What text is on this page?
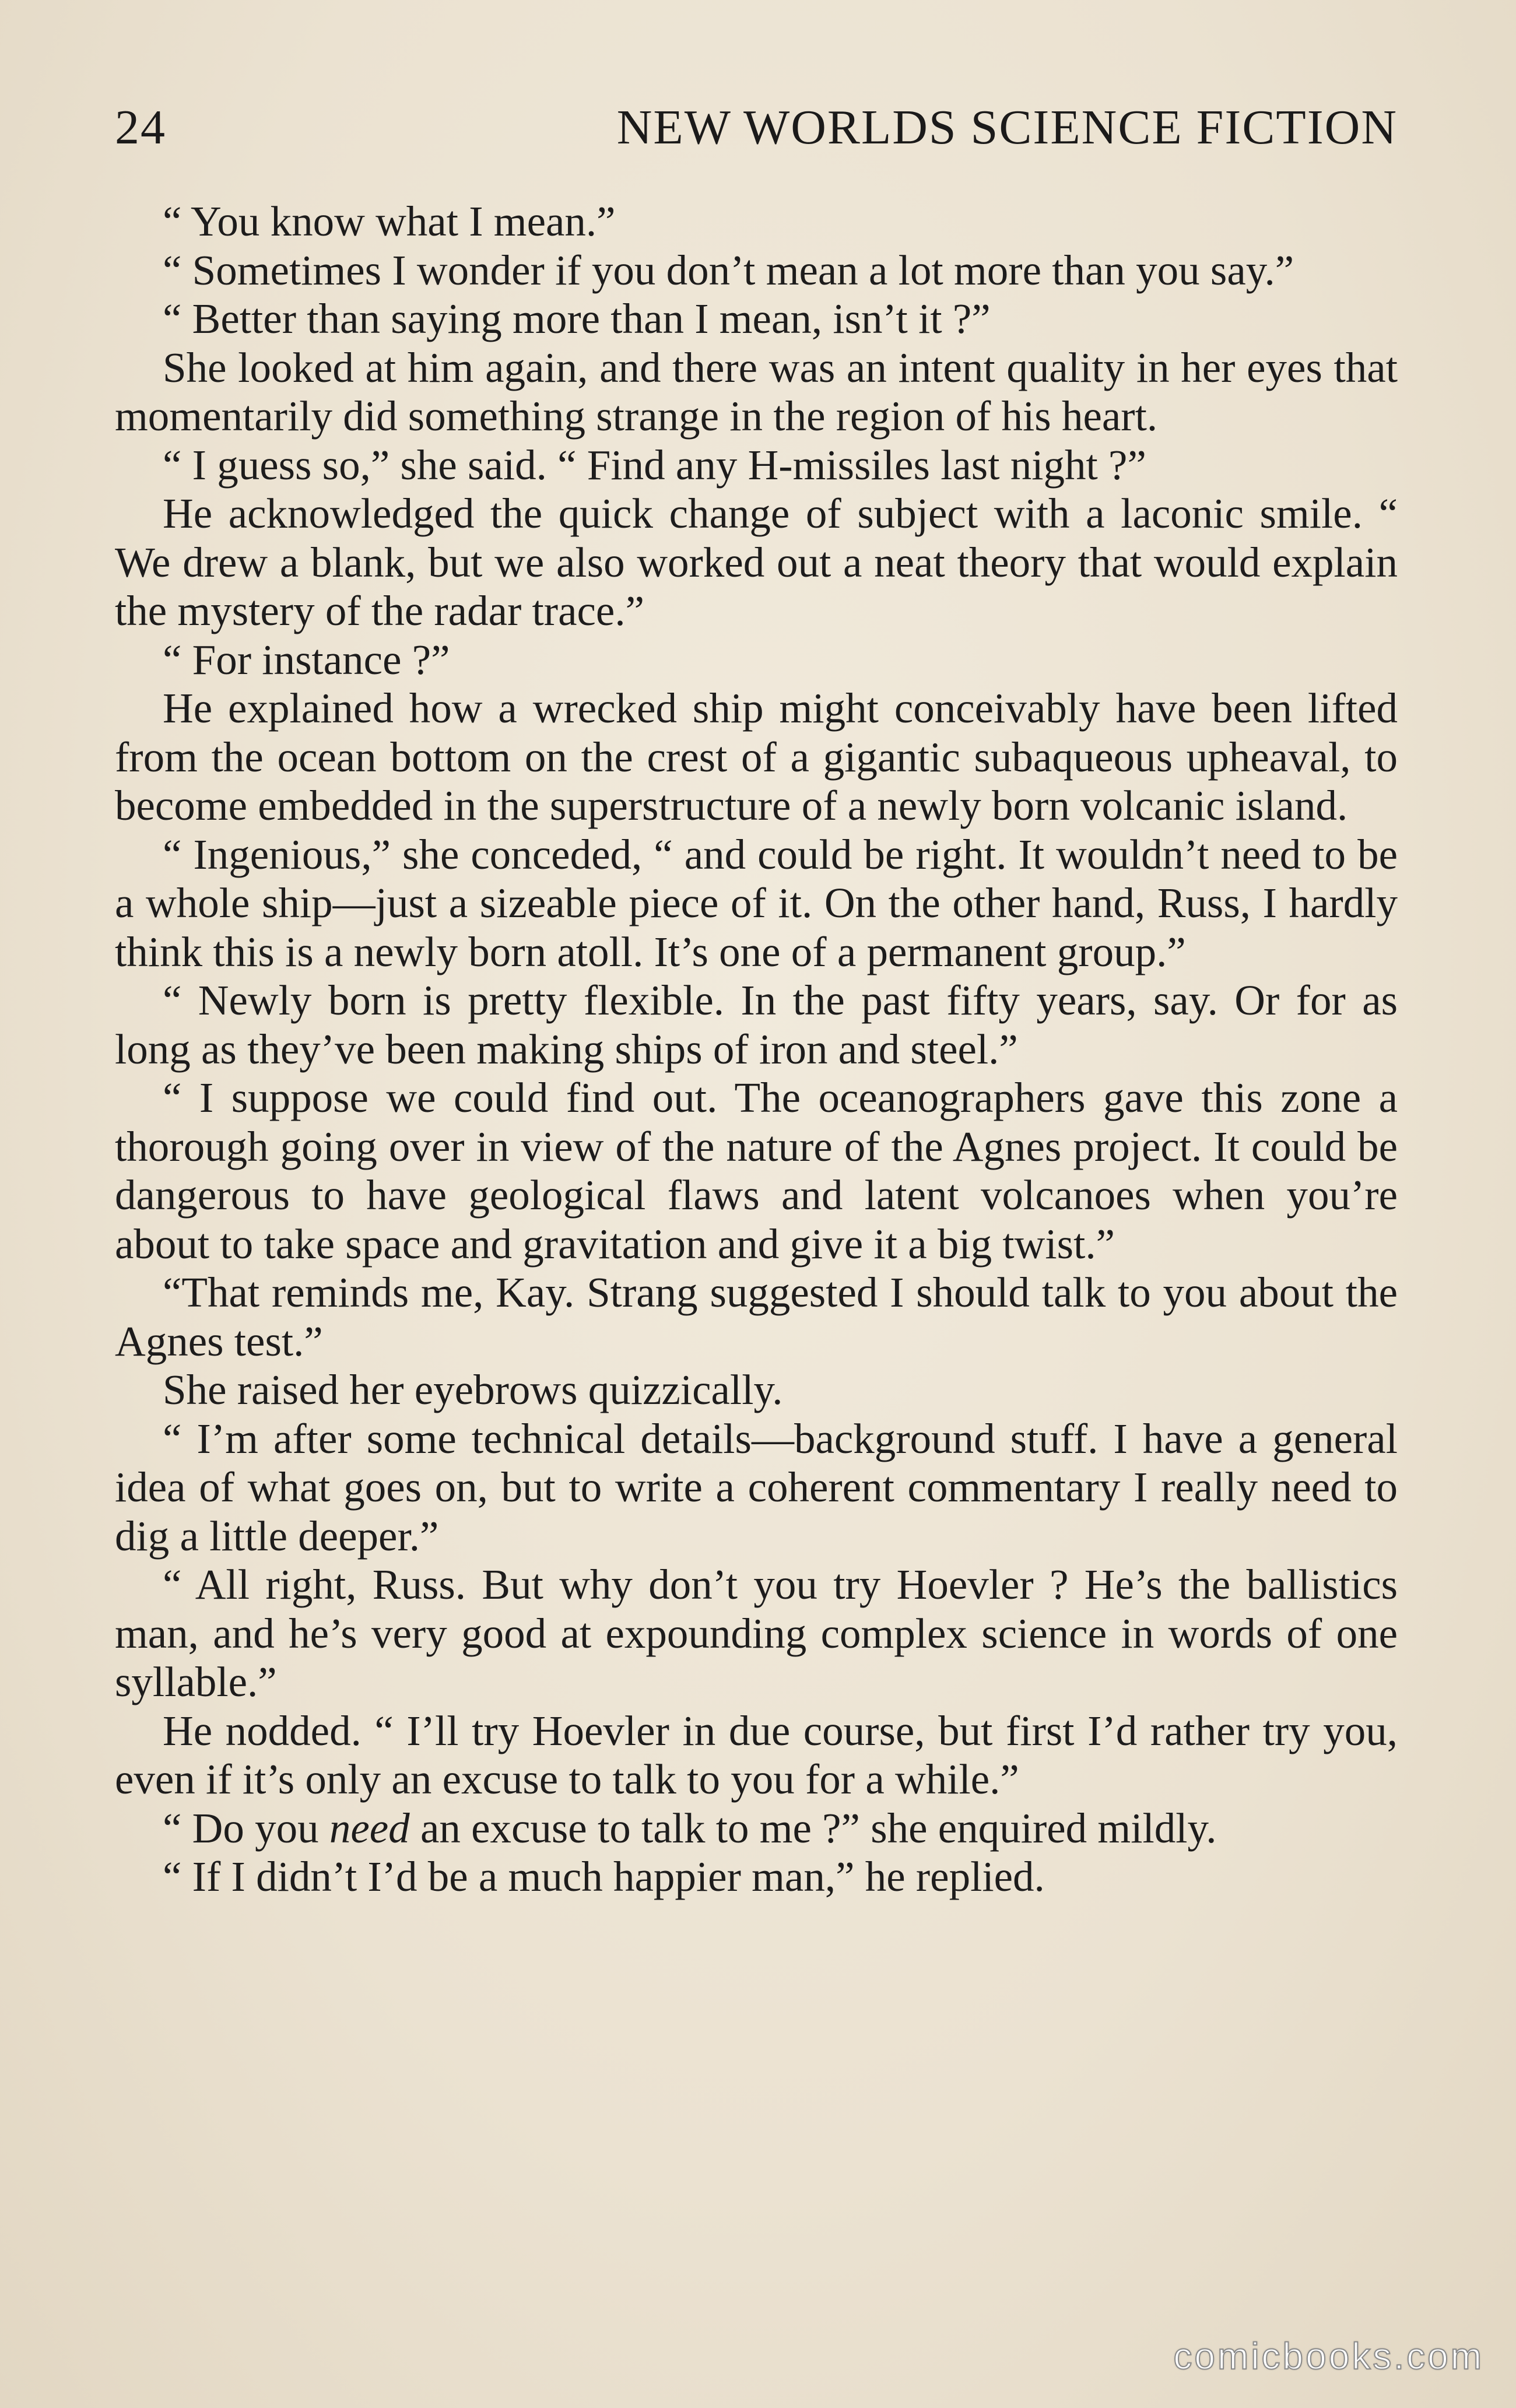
24	NEW WORLDS SCIENCE FICTION

“ You know what I mean.”

“ Sometimes I wonder if you don’t mean a lot more than you say.”

“ Better than saying more than I mean, isn’t it ?”

She looked at him again, and there was an intent quality in her eyes that momentarily did something strange in the region of his heart.

“ I guess so,” she said. “ Find any H-missiles last night ?”

He acknowledged the quick change of subject with a laconic smile. “ We drew a blank, but we also worked out a neat theory that would explain the mystery of the radar trace.”

“ For instance ?”

He explained how a wrecked ship might conceivably have been lifted from the ocean bottom on the crest of a gigantic subaqueous upheaval, to become embedded in the superstructure of a newly born volcanic island.

“ Ingenious,” she conceded, “ and could be right. It wouldn’t need to be a whole ship—just a sizeable piece of it. On the other hand, Russ, I hardly think this is a newly born atoll. It’s one of a permanent group.”

“ Newly born is pretty flexible. In the past fifty years, say. Or for as long as they’ve been making ships of iron and steel.”

“ I suppose we could find out. The oceanographers gave this zone a thorough going over in view of the nature of the Agnes project. It could be dangerous to have geological flaws and latent volcanoes when you’re about to take space and gravitation and give it a big twist.”

“That reminds me, Kay. Strang suggested I should talk to you about the Agnes test.”

She raised her eyebrows quizzically.

“ I’m after some technical details—background stuff. I have a general idea of what goes on, but to write a coherent commentary I really need to dig a little deeper.”

“ All right, Russ. But why don’t you try Hoevler ? He’s the ballistics man, and he’s very good at expounding complex science in words of one syllable.”

He nodded. “ I’ll try Hoevler in due course, but first I’d rather try you, even if it’s only an excuse to talk to you for a while.”

“ Do you need an excuse to talk to me ?” she enquired mildly.

“ If I didn’t I’d be a much happier man,” he replied.

comicbooks.com
